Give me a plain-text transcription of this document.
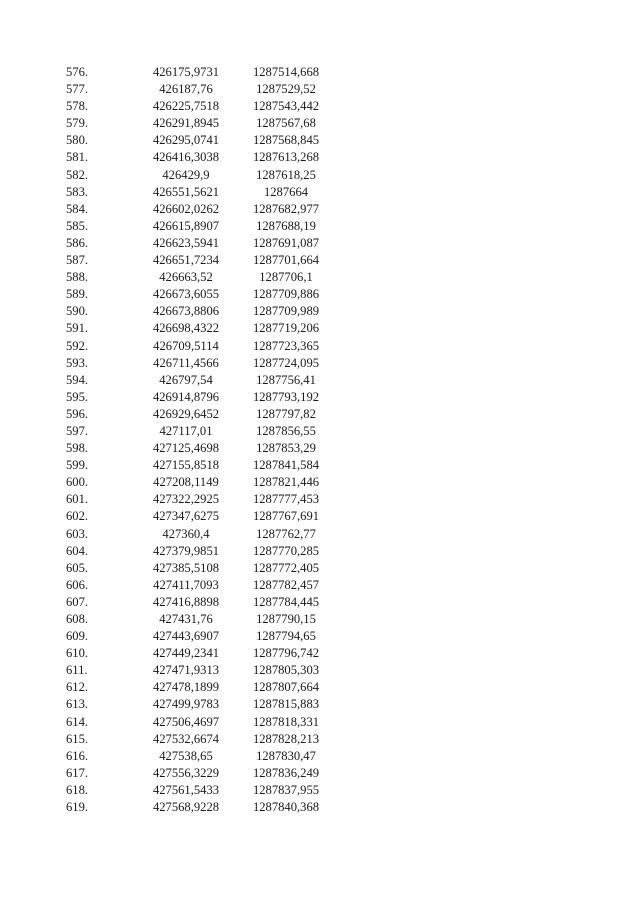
576.	426175,9731	1287514,668
577.	426187,76	1287529,52
578.	426225,7518	1287543,442
579.	426291,8945	1287567,68
580.	426295,0741	1287568,845
581.	426416,3038	1287613,268
582.	426429,9	1287618,25
583.	426551,5621	1287664
584.	426602,0262	1287682,977
585.	426615,8907	1287688,19
586.	426623,5941	1287691,087
587.	426651,7234	1287701,664
588.	426663,52	1287706,1
589.	426673,6055	1287709,886
590.	426673,8806	1287709,989
591.	426698,4322	1287719,206
592.	426709,5114	1287723,365
593.	426711,4566	1287724,095
594.	426797,54	1287756,41
595.	426914,8796	1287793,192
596.	426929,6452	1287797,82
597.	427117,01	1287856,55
598.	427125,4698	1287853,29
599.	427155,8518	1287841,584
600.	427208,1149	1287821,446
601.	427322,2925	1287777,453
602.	427347,6275	1287767,691
603.	427360,4	1287762,77
604.	427379,9851	1287770,285
605.	427385,5108	1287772,405
606.	427411,7093	1287782,457
607.	427416,8898	1287784,445
608.	427431,76	1287790,15
609.	427443,6907	1287794,65
610.	427449,2341	1287796,742
611.	427471,9313	1287805,303
612.	427478,1899	1287807,664
613.	427499,9783	1287815,883
614.	427506,4697	1287818,331
615.	427532,6674	1287828,213
616.	427538,65	1287830,47
617.	427556,3229	1287836,249
618.	427561,5433	1287837,955
619.	427568,9228	1287840,368
